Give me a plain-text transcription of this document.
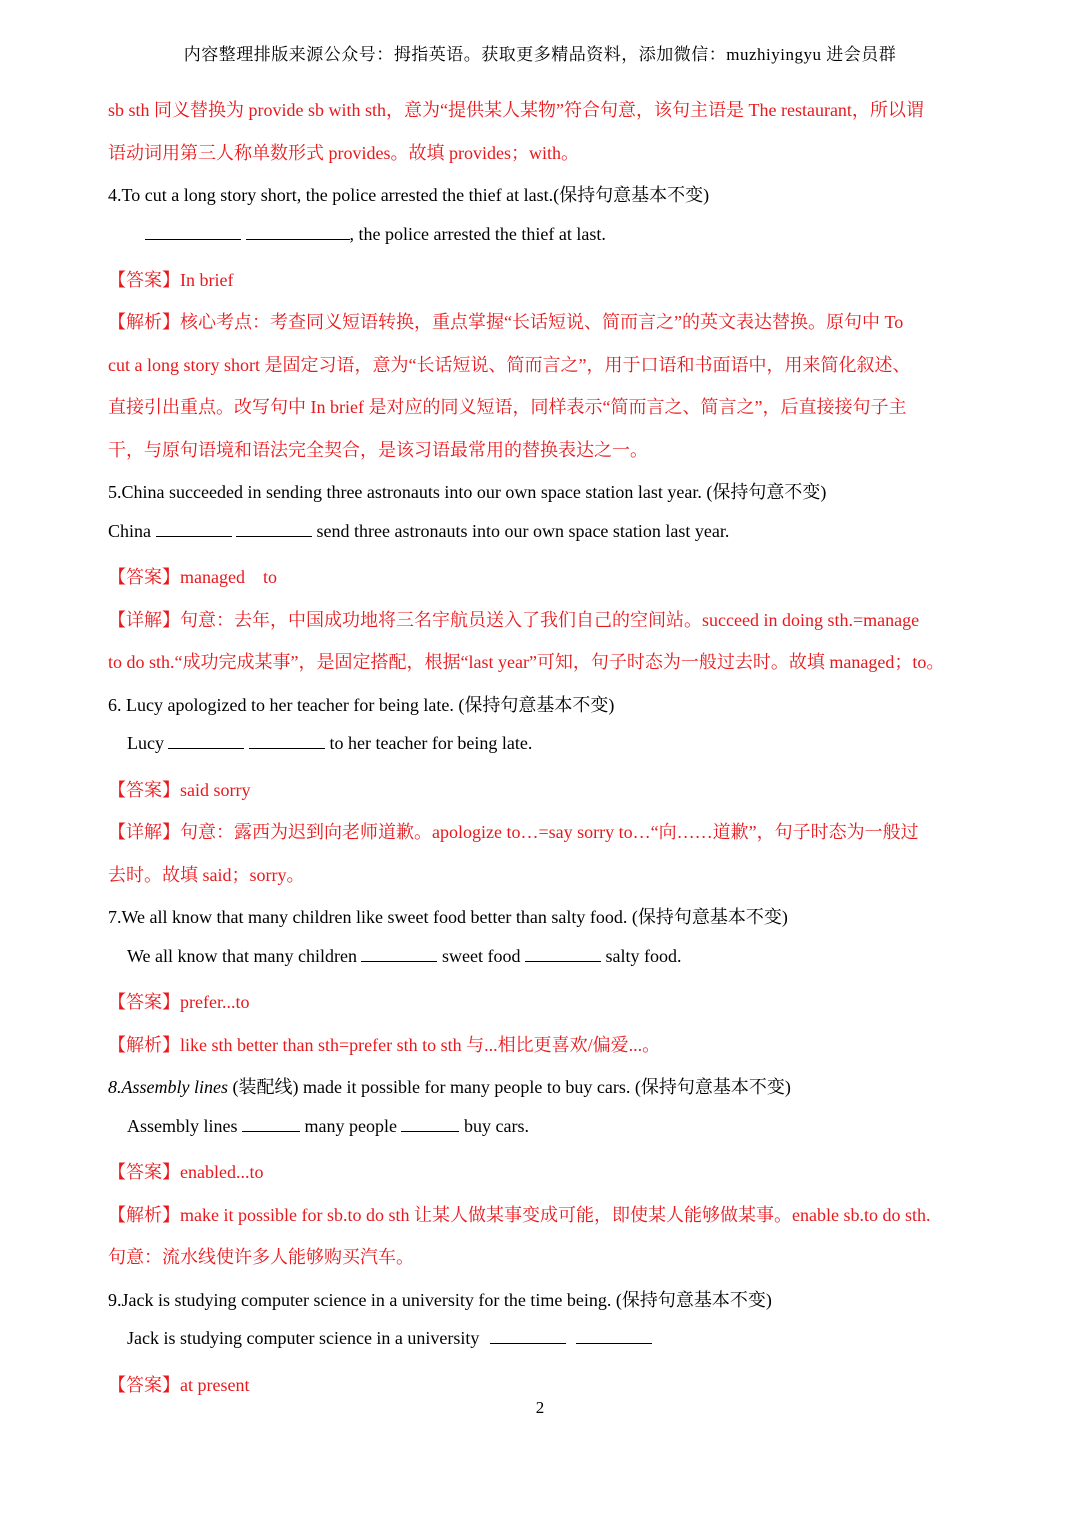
内容整理排版来源公众号：拇指英语。获取更多精品资料，添加微信：muzhiyingyu 进会员群
sb sth 同义替换为 provide sb with sth，意为“提供某人某物”符合句意，该句主语是 The restaurant，所以谓
语动词用第三人称单数形式 provides。故填 provides；with。
4.To cut a long story short, the police arrested the thief at last.(保持句意基本不变)
, the police arrested the thief at last.
【答案】In brief
【解析】核心考点：考查同义短语转换，重点掌握“长话短说、简而言之”的英文表达替换。原句中 To
cut a long story short 是固定习语，意为“长话短说、简而言之”，用于口语和书面语中，用来简化叙述、
直接引出重点。改写句中 In brief 是对应的同义短语，同样表示“简而言之、简言之”，后直接接句子主
干，与原句语境和语法完全契合，是该习语最常用的替换表达之一。
5.China succeeded in sending three astronauts into our own space station last year. (保持句意不变)
China	send three astronauts into our own space station last year.
【答案】managed　to
【详解】句意：去年，中国成功地将三名宇航员送入了我们自己的空间站。succeed in doing sth.=manage
to do sth.“成功完成某事”，是固定搭配，根据“last year”可知，句子时态为一般过去时。故填 managed；to。
6. Lucy apologized to her teacher for being late. (保持句意基本不变)
Lucy	to her teacher for being late.
【答案】said sorry
【详解】句意：露西为迟到向老师道歉。apologize to…=say sorry to…“向……道歉”，句子时态为一般过
去时。故填 said；sorry。
7.We all know that many children like sweet food better than salty food. (保持句意基本不变)
We all know that many children	sweet food	salty food.
【答案】prefer...to
【解析】like sth better than sth=prefer sth to sth 与...相比更喜欢/偏爱...。
8.Assembly lines (装配线) made it possible for many people to buy cars. (保持句意基本不变)
Assembly lines	many people	buy cars.
【答案】enabled...to
【解析】make it possible for sb.to do sth 让某人做某事变成可能，即使某人能够做某事。enable sb.to do sth.
句意：流水线使许多人能够购买汽车。
9.Jack is studying computer science in a university for the time being. (保持句意基本不变)
Jack is studying computer science in a university
【答案】at present
2
